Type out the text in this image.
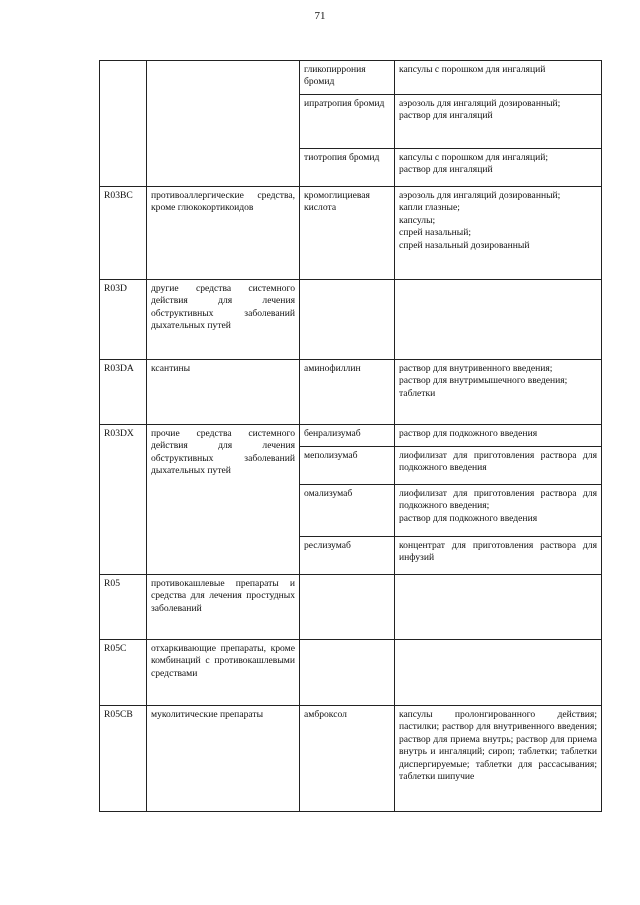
71
		гликопиррония бромид	капсулы с порошком для ингаляций

		ипратропия бромид	аэрозоль для ингаляций дозированный;
раствор для ингаляций

		тиотропия бромид	капсулы с порошком для ингаляций;
раствор для ингаляций

R03BC	противоаллергические средства, кроме глюкокортикоидов	кромоглициевая кислота	аэрозоль для ингаляций дозированный;
капли глазные;
капсулы;
спрей назальный;
спрей назальный дозированный

R03D	другие средства системного действия для лечения обструктивных заболеваний дыхательных путей		
R03DA	ксантины	аминофиллин	раствор для внутривенного введения;
раствор для внутримышечного введения;
таблетки

R03DX	прочие средства системного действия для лечения обструктивных заболеваний дыхательных путей	бенрализумаб	раствор для подкожного введения

		меполизумаб	лиофилизат для приготовления раствора для подкожного введения

		омализумаб	лиофилизат для приготовления раствора для подкожного введения;
раствор для подкожного введения

		реслизумаб	концентрат для приготовления раствора для инфузий

R05	противокашлевые препараты и средства для лечения простудных заболеваний		
R05C	отхаркивающие препараты, кроме комбинаций с противокашлевыми средствами		
R05CB	муколитические препараты	амброксол	капсулы пролонгированного действия; пастилки; раствор для внутривенного введения; раствор для приема внутрь; раствор для приема внутрь и ингаляций; сироп; таблетки; таблетки диспергируемые; таблетки для рассасывания; таблетки шипучие
